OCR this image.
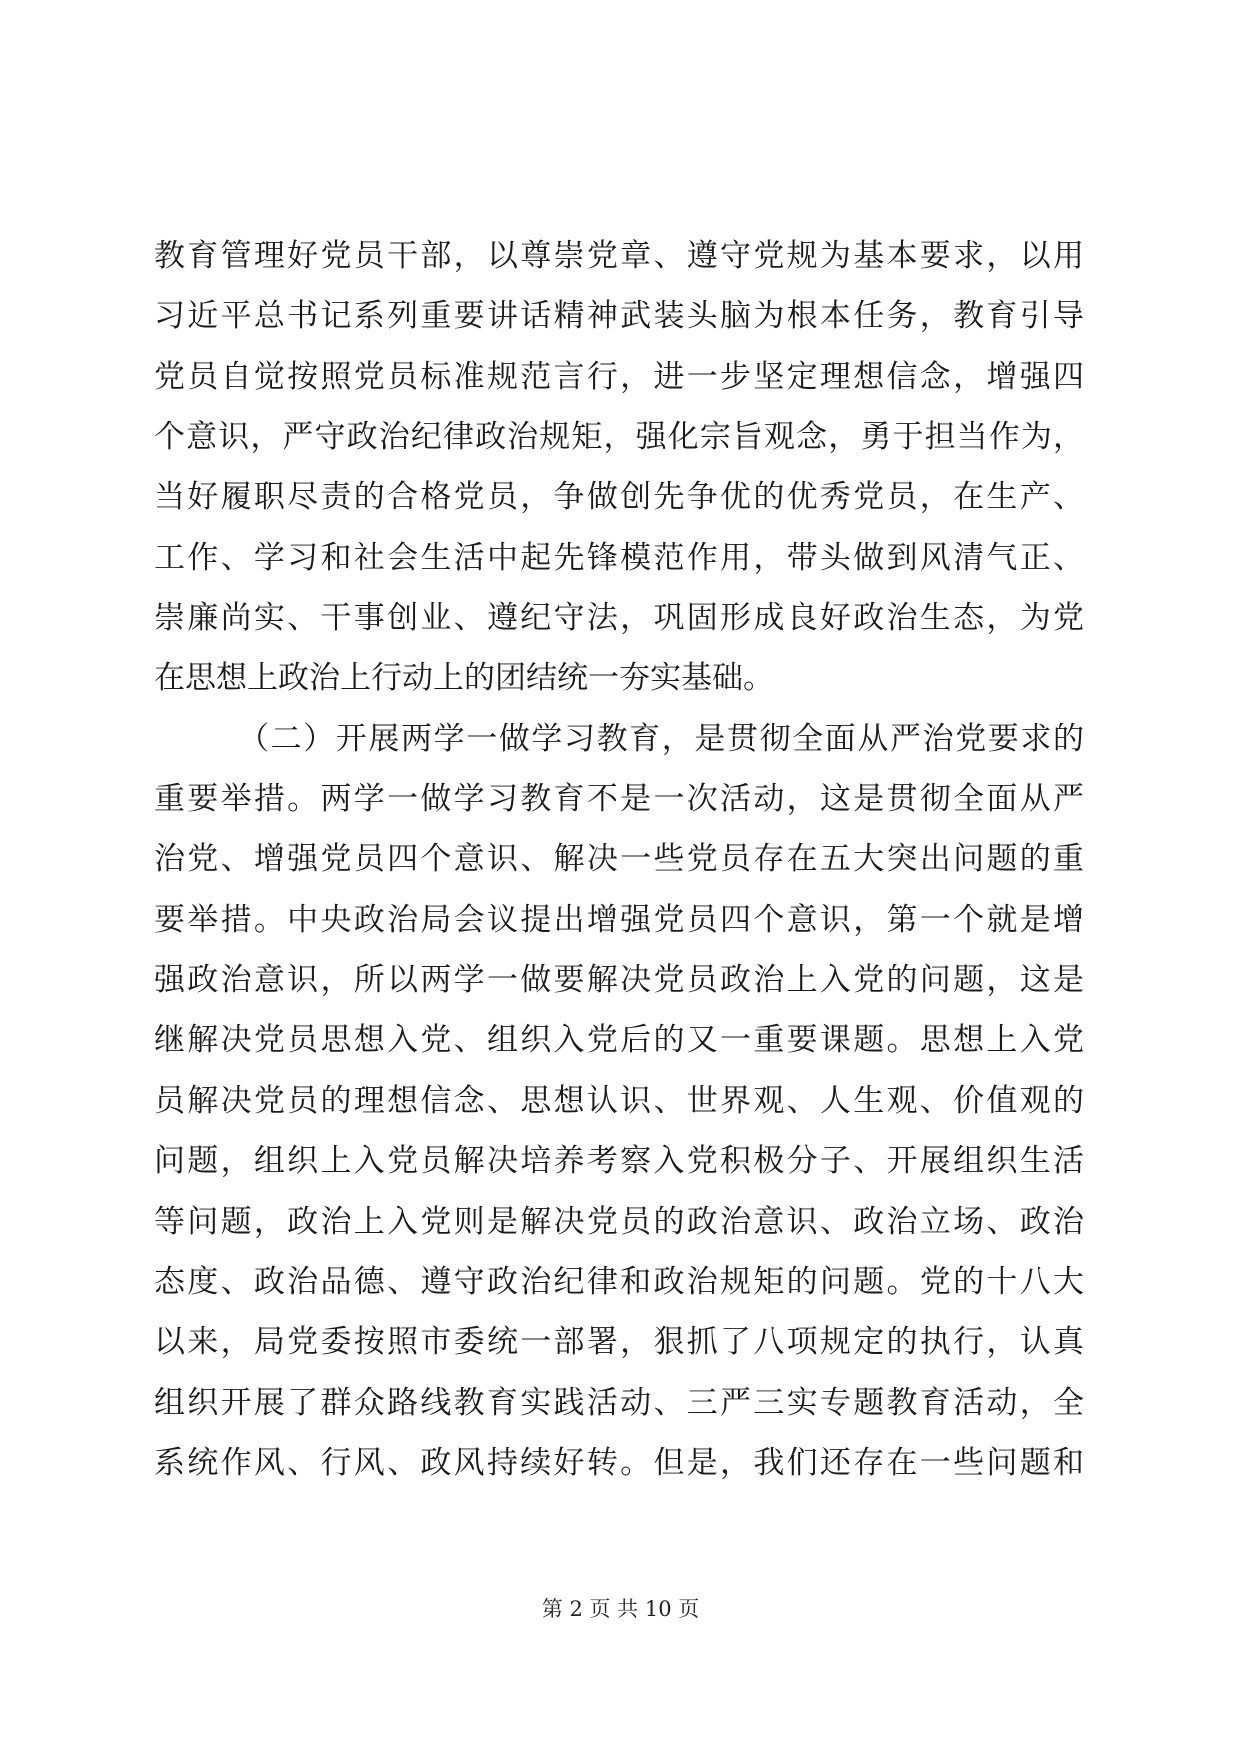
教育管理好党员干部，以尊崇党章、遵守党规为基本要求，以用
习近平总书记系列重要讲话精神武装头脑为根本任务，教育引导
党员自觉按照党员标准规范言行，进一步坚定理想信念，增强四
个意识，严守政治纪律政治规矩，强化宗旨观念，勇于担当作为，
当好履职尽责的合格党员，争做创先争优的优秀党员，在生产、
工作、学习和社会生活中起先锋模范作用，带头做到风清气正、
崇廉尚实、干事创业、遵纪守法，巩固形成良好政治生态，为党
在思想上政治上行动上的团结统一夯实基础。
（二）开展两学一做学习教育，是贯彻全面从严治党要求的
重要举措。两学一做学习教育不是一次活动，这是贯彻全面从严
治党、增强党员四个意识、解决一些党员存在五大突出问题的重
要举措。中央政治局会议提出增强党员四个意识，第一个就是增
强政治意识，所以两学一做要解决党员政治上入党的问题，这是
继解决党员思想入党、组织入党后的又一重要课题。思想上入党
员解决党员的理想信念、思想认识、世界观、人生观、价值观的
问题，组织上入党员解决培养考察入党积极分子、开展组织生活
等问题，政治上入党则是解决党员的政治意识、政治立场、政治
态度、政治品德、遵守政治纪律和政治规矩的问题。党的十八大
以来，局党委按照市委统一部署，狠抓了八项规定的执行，认真
组织开展了群众路线教育实践活动、三严三实专题教育活动，全
系统作风、行风、政风持续好转。但是，我们还存在一些问题和
第 2 页 共 10 页
